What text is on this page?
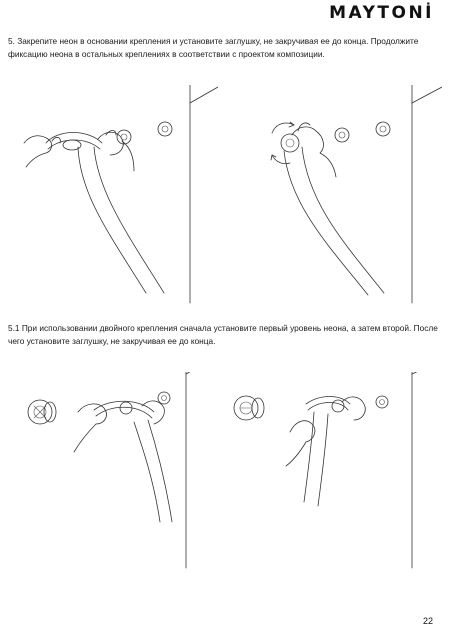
MAYTONİ

5. Закрепите неон в основании крепления и установите заглушку, не закручивая ее до конца. Продолжите фиксацию неона в остальных креплениях в соответствии с проектом композиции.

5.1 При использовании двойного крепления сначала установите первый уровень неона, а затем второй. После чего установите заглушку, не закручивая ее до конца.

22
